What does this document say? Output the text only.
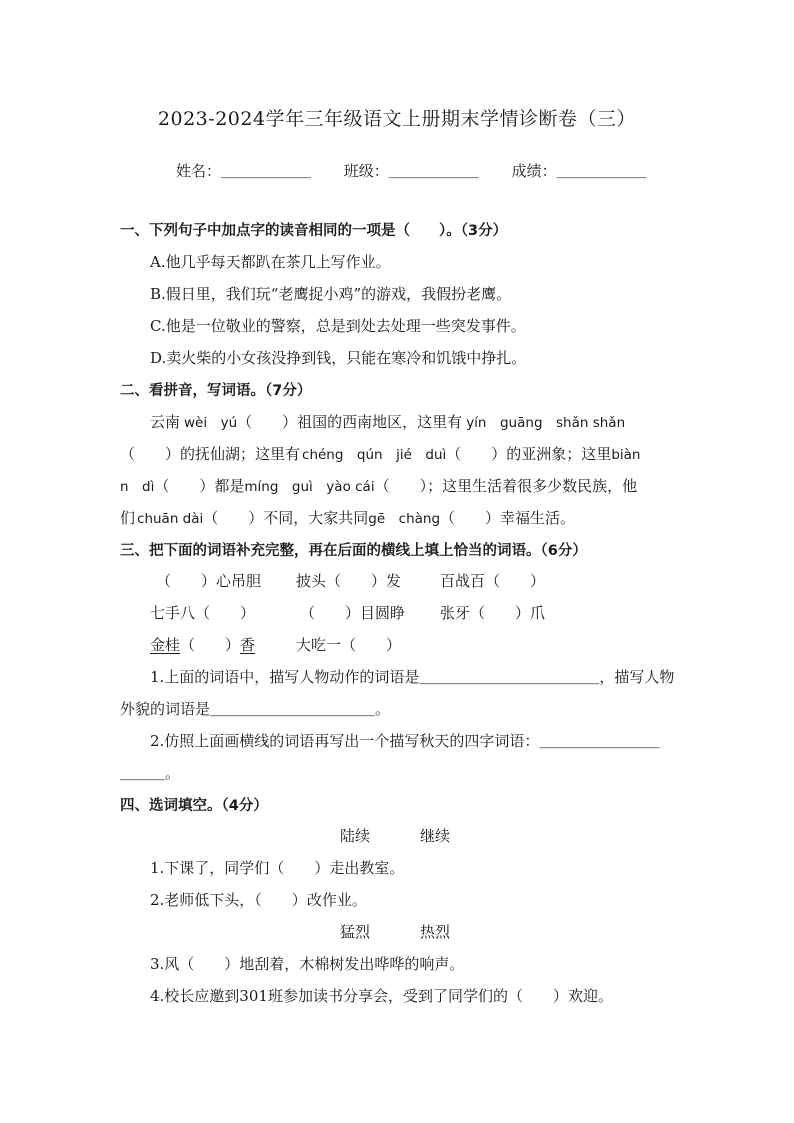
2023-2024学年三年级语文上册期末学情诊断卷（三）
姓名：＿＿＿＿＿＿ 班级：＿＿＿＿＿＿ 成绩：＿＿＿＿＿＿
一、下列句子中加点字的读音相同的一项是（　　）。（3分）
A.他几乎每天都趴在茶几上写作业。
B.假日里，我们玩“老鹰捉小鸡”的游戏，我假扮老鹰。
C.他是一位敬业的警察，总是到处去处理一些突发事件。
D.卖火柴的小女孩没挣到钱，只能在寒冷和饥饿中挣扎。
二、看拼音，写词语。（7分）
云南 wèi　yú（　　）祖国的西南地区，这里有 yín　guāng　shǎn shǎn
（　　）的抚仙湖；这里有 chéng　qún　jié　duì（　　）的亚洲象；这里biàn
n　dì（　　）都是míng　guì　yào cái（　　）；这里生活着很多少数民族，他
们 chuān dài（　　）不同，大家共同gē　chàng（　　）幸福生活。
三、把下面的词语补充完整，再在后面的横线上填上恰当的词语。（6分）
（　　）心吊胆 披头（　　）发	百战百（　　）
七手八（　　）	（　　）目圆睁 张牙（　　）爪
金桂（　　）香	大吃一（　　）
1.上面的词语中，描写人物动作的词语是＿＿＿＿＿＿＿＿＿＿＿＿，描写人物
外貌的词语是＿＿＿＿＿＿＿＿＿＿＿。
2.仿照上面画横线的词语再写出一个描写秋天的四字词语：＿＿＿＿＿＿＿＿
＿＿＿。
四、选词填空。（4分）
陆续	继续
1.下课了，同学们（　　）走出教室。
2.老师低下头，（　　）改作业。
猛烈	热烈
3.风（　　）地刮着，木棉树发出哗哗的响声。
4.校长应邀到301班参加读书分享会，受到了同学们的（　　）欢迎。
